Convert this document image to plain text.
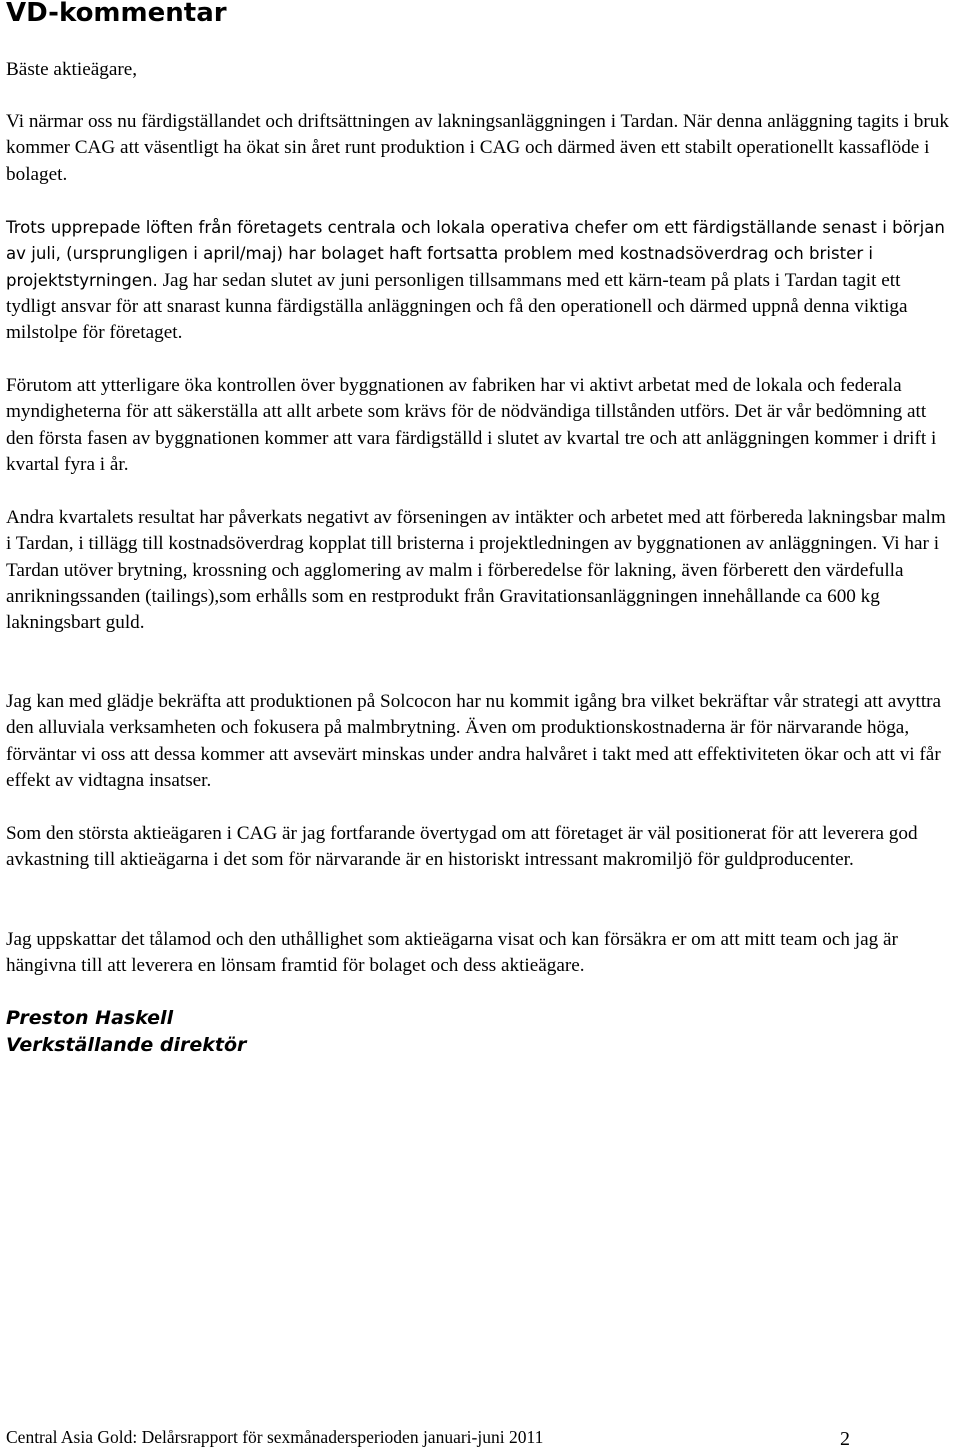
VD-kommentar

Bäste aktieägare,

Vi närmar oss nu färdigställandet och driftsättningen av lakningsanläggningen i Tardan. När denna anläggning tagits i bruk kommer CAG att väsentligt ha ökat sin året runt produktion i CAG och därmed även ett stabilt operationellt kassaflöde i bolaget.

Trots upprepade löften från företagets centrala och lokala operativa chefer om ett färdigställande senast i början av juli, (ursprungligen i april/maj) har bolaget haft fortsatta problem med kostnadsöverdrag och brister i projektstyrningen. Jag har sedan slutet av juni personligen tillsammans med ett kärn-team på plats i Tardan tagit ett tydligt ansvar för att snarast kunna färdigställa anläggningen och få den operationell och därmed uppnå denna viktiga milstolpe för företaget.

Förutom att ytterligare öka kontrollen över byggnationen av fabriken har vi aktivt arbetat med de lokala och federala myndigheterna för att säkerställa att allt arbete som krävs för de nödvändiga tillstånden utförs. Det är vår bedömning att den första fasen av byggnationen kommer att vara färdigställd i slutet av kvartal tre och att anläggningen kommer i drift i kvartal fyra i år.

Andra kvartalets resultat har påverkats negativt av förseningen av intäkter och arbetet med att förbereda lakningsbar malm i Tardan, i tillägg till kostnadsöverdrag kopplat till bristerna i projektledningen av byggnationen av anläggningen. Vi har i Tardan utöver brytning, krossning och agglomering av malm i förberedelse för lakning, även förberett den värdefulla anrikningssanden (tailings),som erhålls som en restprodukt från Gravitationsanläggningen innehållande ca 600 kg lakningsbart guld.

Jag kan med glädje bekräfta att produktionen på Solcocon har nu kommit igång bra vilket bekräftar vår strategi att avyttra den alluviala verksamheten och fokusera på malmbrytning. Även om produktionskostnaderna är för närvarande höga, förväntar vi oss att dessa kommer att avsevärt minskas under andra halvåret i takt med att effektiviteten ökar och att vi får effekt av vidtagna insatser.

Som den största aktieägaren i CAG är jag fortfarande övertygad om att företaget är väl positionerat för att leverera god avkastning till aktieägarna i det som för närvarande är en historiskt intressant makromiljö för guldproducenter.

Jag uppskattar det tålamod och den uthållighet som aktieägarna visat och kan försäkra er om att mitt team och jag är hängivna till att leverera en lönsam framtid för bolaget och dess aktieägare.

Preston Haskell

Verkställande direktör

Central Asia Gold: Delårsrapport för sexmånadersperioden januari-juni 2011	2
